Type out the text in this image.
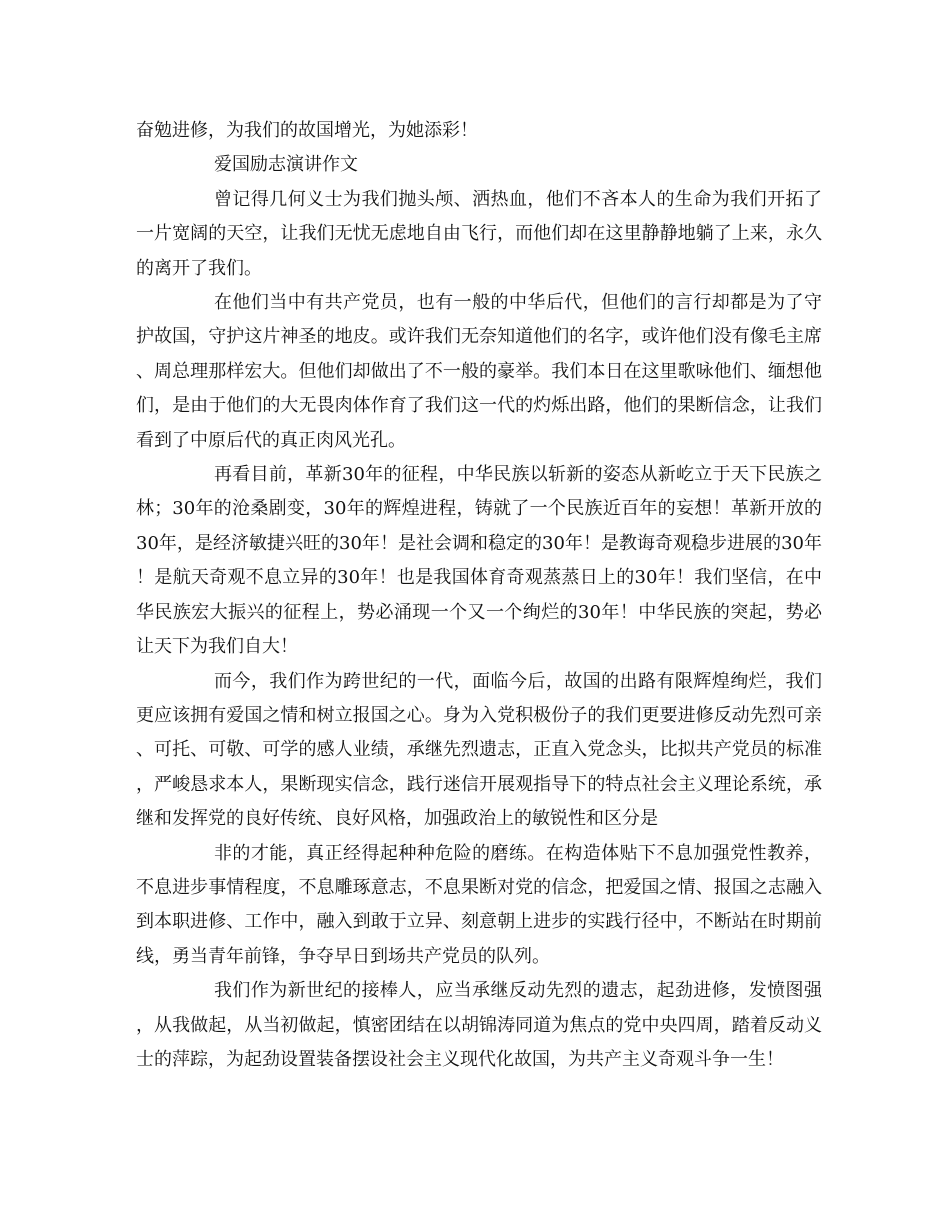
奋勉进修，为我们的故国增光，为她添彩！

爱国励志演讲作文

曾记得几何义士为我们抛头颅、洒热血，他们不吝本人的生命为我们开拓了一片宽阔的天空，让我们无忧无虑地自由飞行，而他们却在这里静静地躺了上来，永久的离开了我们。

在他们当中有共产党员，也有一般的中华后代，但他们的言行却都是为了守护故国，守护这片神圣的地皮。或许我们无奈知道他们的名字，或许他们没有像毛主席、周总理那样宏大。但他们却做出了不一般的豪举。我们本日在这里歌咏他们、缅想他们，是由于他们的大无畏肉体作育了我们这一代的灼烁出路，他们的果断信念，让我们看到了中原后代的真正肉风光孔。

再看目前，革新30年的征程，中华民族以斩新的姿态从新屹立于天下民族之林；30年的沧桑剧变，30年的辉煌进程，铸就了一个民族近百年的妄想！革新开放的30年，是经济敏捷兴旺的30年！是社会调和稳定的30年！是教诲奇观稳步进展的30年！是航天奇观不息立异的30年！也是我国体育奇观蒸蒸日上的30年！我们坚信，在中华民族宏大振兴的征程上，势必涌现一个又一个绚烂的30年！中华民族的突起，势必让天下为我们自大！

而今，我们作为跨世纪的一代，面临今后，故国的出路有限辉煌绚烂，我们更应该拥有爱国之情和树立报国之心。身为入党积极份子的我们更要进修反动先烈可亲、可托、可敬、可学的感人业绩，承继先烈遗志，正直入党念头，比拟共产党员的标准，严峻恳求本人，果断现实信念，践行迷信开展观指导下的特点社会主义理论系统，承继和发挥党的良好传统、良好风格，加强政治上的敏锐性和区分是

非的才能，真正经得起种种危险的磨练。在构造体贴下不息加强党性教养，不息进步事情程度，不息雕琢意志，不息果断对党的信念，把爱国之情、报国之志融入到本职进修、工作中，融入到敢于立异、刻意朝上进步的实践行径中，不断站在时期前线，勇当青年前锋，争夺早日到场共产党员的队列。

我们作为新世纪的接棒人，应当承继反动先烈的遗志，起劲进修，发愤图强，从我做起，从当初做起，慎密团结在以胡锦涛同道为焦点的党中央四周，踏着反动义士的萍踪，为起劲设置装备摆设社会主义现代化故国，为共产主义奇观斗争一生！
